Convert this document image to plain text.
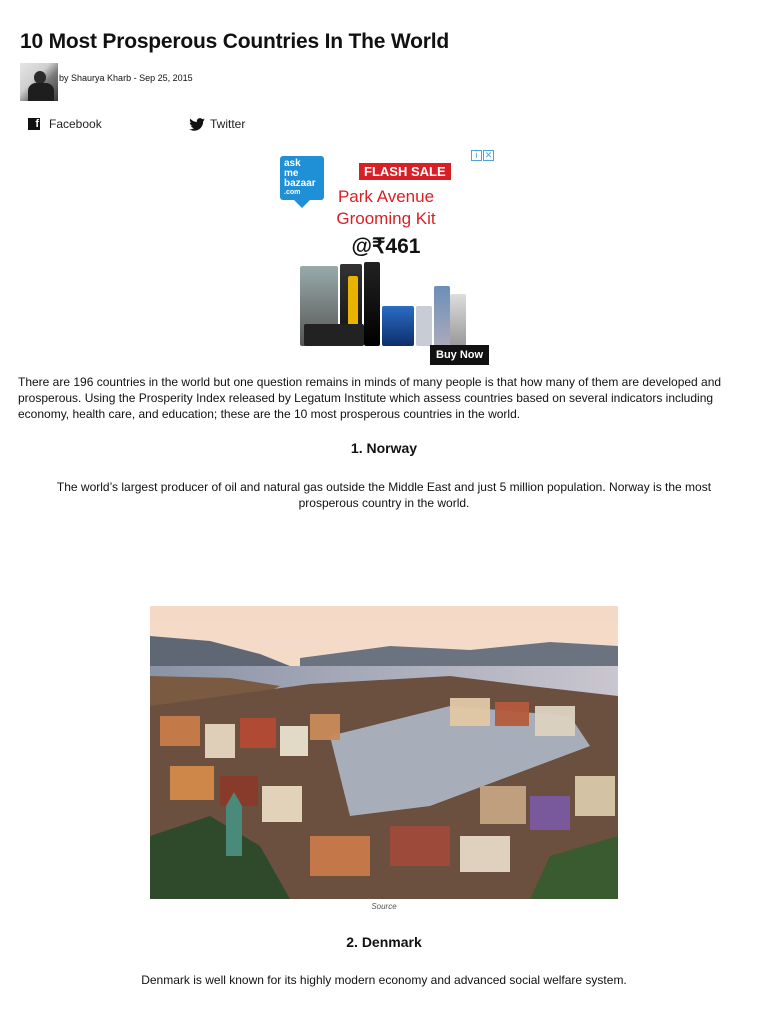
10 Most Prosperous Countries In The World
by Shaurya Kharb - Sep 25, 2015
f Facebook	Twitter
i ✕
ask
me
bazaar
.com
FLASH SALE
Park Avenue
Grooming Kit
@₹461
Buy Now

There are 196 countries in the world but one question remains in minds of many people is that how many of them are developed and prosperous. Using the Prosperity Index released by Legatum Institute which assess countries based on several indicators including economy, health care, and education; these are the 10 most prosperous countries in the world.

1. Norway

The world’s largest producer of oil and natural gas outside the Middle East and just 5 million population. Norway is the most prosperous country in the world.

Source
2. Denmark

Denmark is well known for its highly modern economy and advanced social welfare system.
